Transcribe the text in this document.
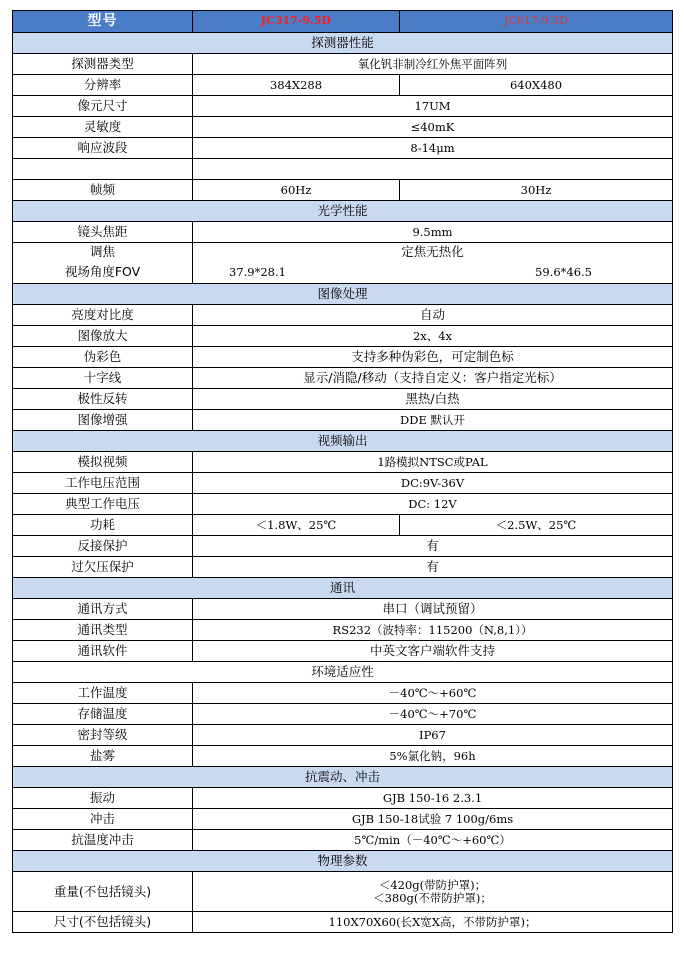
型号	JC317-9.5D	JC617-9.5D
探测器性能		
探测器类型	氧化钒非制冷红外焦平面阵列	
分辨率	384X288	640X480
像元尺寸	17UM	
灵敏度	≤40mK	
响应波段	8-14μm	

帧频	60Hz	30Hz
光学性能		
镜头焦距	9.5mm	
调焦	定焦无热化	
视场角度FOV	37.9*28.1	59.6*46.5
图像处理		
亮度对比度	自动	
图像放大	2x、4x	
伪彩色	支持多种伪彩色，可定制色标	
十字线	显示/消隐/移动（支持自定义：客户指定光标）	
极性反转	黑热/白热	
图像增强	DDE 默认开	
视频输出		
模拟视频	1路模拟NTSC或PAL	
工作电压范围	DC:9V-36V	
典型工作电压	DC: 12V	
功耗	＜1.8W、25℃	＜2.5W、25℃
反接保护	有	
过欠压保护	有	
通讯		
通讯方式	串口（调试预留）	
通讯类型	RS232（波特率：115200（N,8,1））	
通讯软件	中英文客户端软件支持	
环境适应性		
工作温度	－40℃～+60℃	
存储温度	－40℃～+70℃	
密封等级	IP67	
盐雾	5%氯化钠，96h	
抗震动、冲击		
振动	GJB 150-16 2.3.1	
冲击	GJB 150-18试验 7 100g/6ms	
抗温度冲击	5℃/min（－40℃～+60℃）	
物理参数		
重量(不包括镜头)	＜420g(带防护罩)；
＜380g(不带防护罩)；	

尺寸(不包括镜头)	110X70X60(长X宽X高，不带防护罩)；	
